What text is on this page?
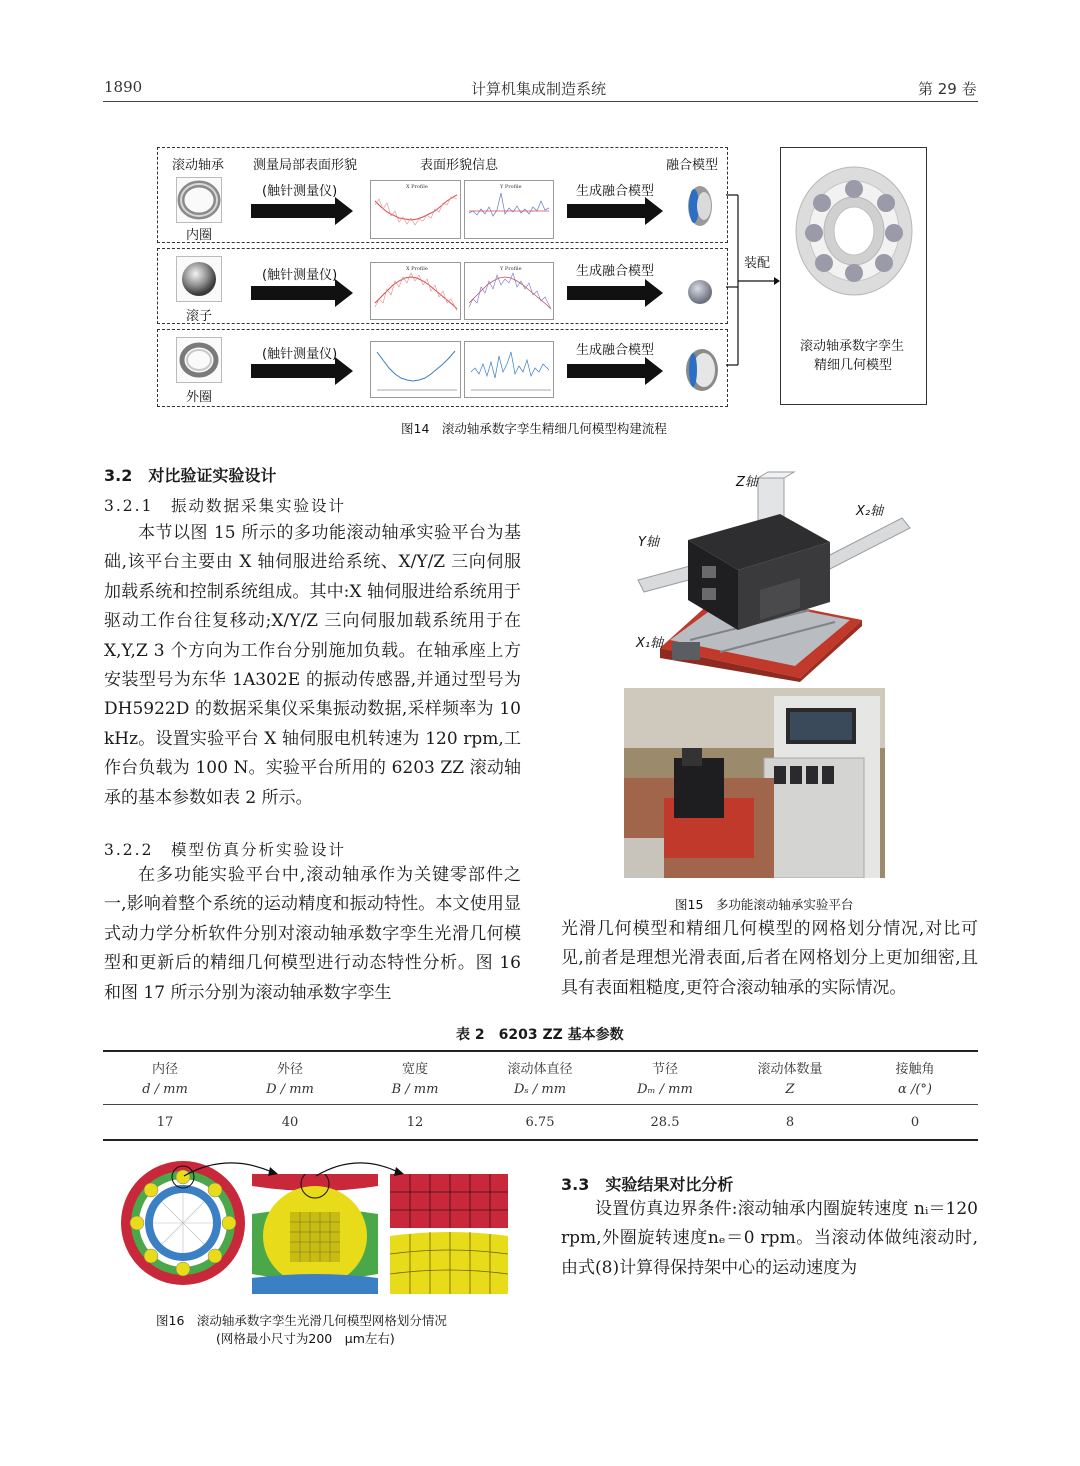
1890	计算机集成制造系统	第 29 卷
滚动轴承 测量局部表面形貌	表面形貌信息	融合模型
内圈
(触针测量仪)	X Profile	Y Profile	生成融合模型
滚子
(触针测量仪)	X Profile	Y Profile	生成融合模型
外圈
(触针测量仪)	生成融合模型
装配
滚动轴承数字孪生
精细几何模型
图14　滚动轴承数字孪生精细几何模型构建流程
3.2　对比验证实验设计
3.2.1　振动数据采集实验设计

本节以图 15 所示的多功能滚动轴承实验平台为基础,该平台主要由 X 轴伺服进给系统、X/Y/Z 三向伺服加载系统和控制系统组成。其中:X 轴伺服进给系统用于驱动工作台往复移动;X/Y/Z 三向伺服加载系统用于在 X,Y,Z 3 个方向为工作台分别施加负载。在轴承座上方安装型号为东华 1A302E 的振动传感器,并通过型号为 DH5922D 的数据采集仪采集振动数据,采样频率为 10 kHz。设置实验平台 X 轴伺服电机转速为 120 rpm,工作台负载为 100 N。实验平台所用的 6203 ZZ 滚动轴承的基本参数如表 2 所示。

3.2.2　模型仿真分析实验设计

在多功能实验平台中,滚动轴承作为关键零部件之一,影响着整个系统的运动精度和振动特性。本文使用显式动力学分析软件分别对滚动轴承数字孪生光滑几何模型和更新后的精细几何模型进行动态特性分析。图 16 和图 17 所示分别为滚动轴承数字孪生

Z轴
X₂轴
Y轴
X₁轴
图15　多功能滚动轴承实验平台

光滑几何模型和精细几何模型的网格划分情况,对比可见,前者是理想光滑表面,后者在网格划分上更加细密,且具有表面粗糙度,更符合滚动轴承的实际情况。

表 2　6203 ZZ 基本参数
内径	外径	宽度	滚动体直径	节径	滚动体数量	接触角
d / mm	D / mm	B / mm	Dₛ / mm	Dₘ / mm	Z	α /(°)
17	40	12	6.75	28.5	8	0
图16　滚动轴承数字孪生光滑几何模型网格划分情况
(网格最小尺寸为200　μm左右)
3.3　实验结果对比分析

设置仿真边界条件:滚动轴承内圈旋转速度 nᵢ＝120 rpm,外圈旋转速度nₑ＝0 rpm。当滚动体做纯滚动时,由式(8)计算得保持架中心的运动速度为
